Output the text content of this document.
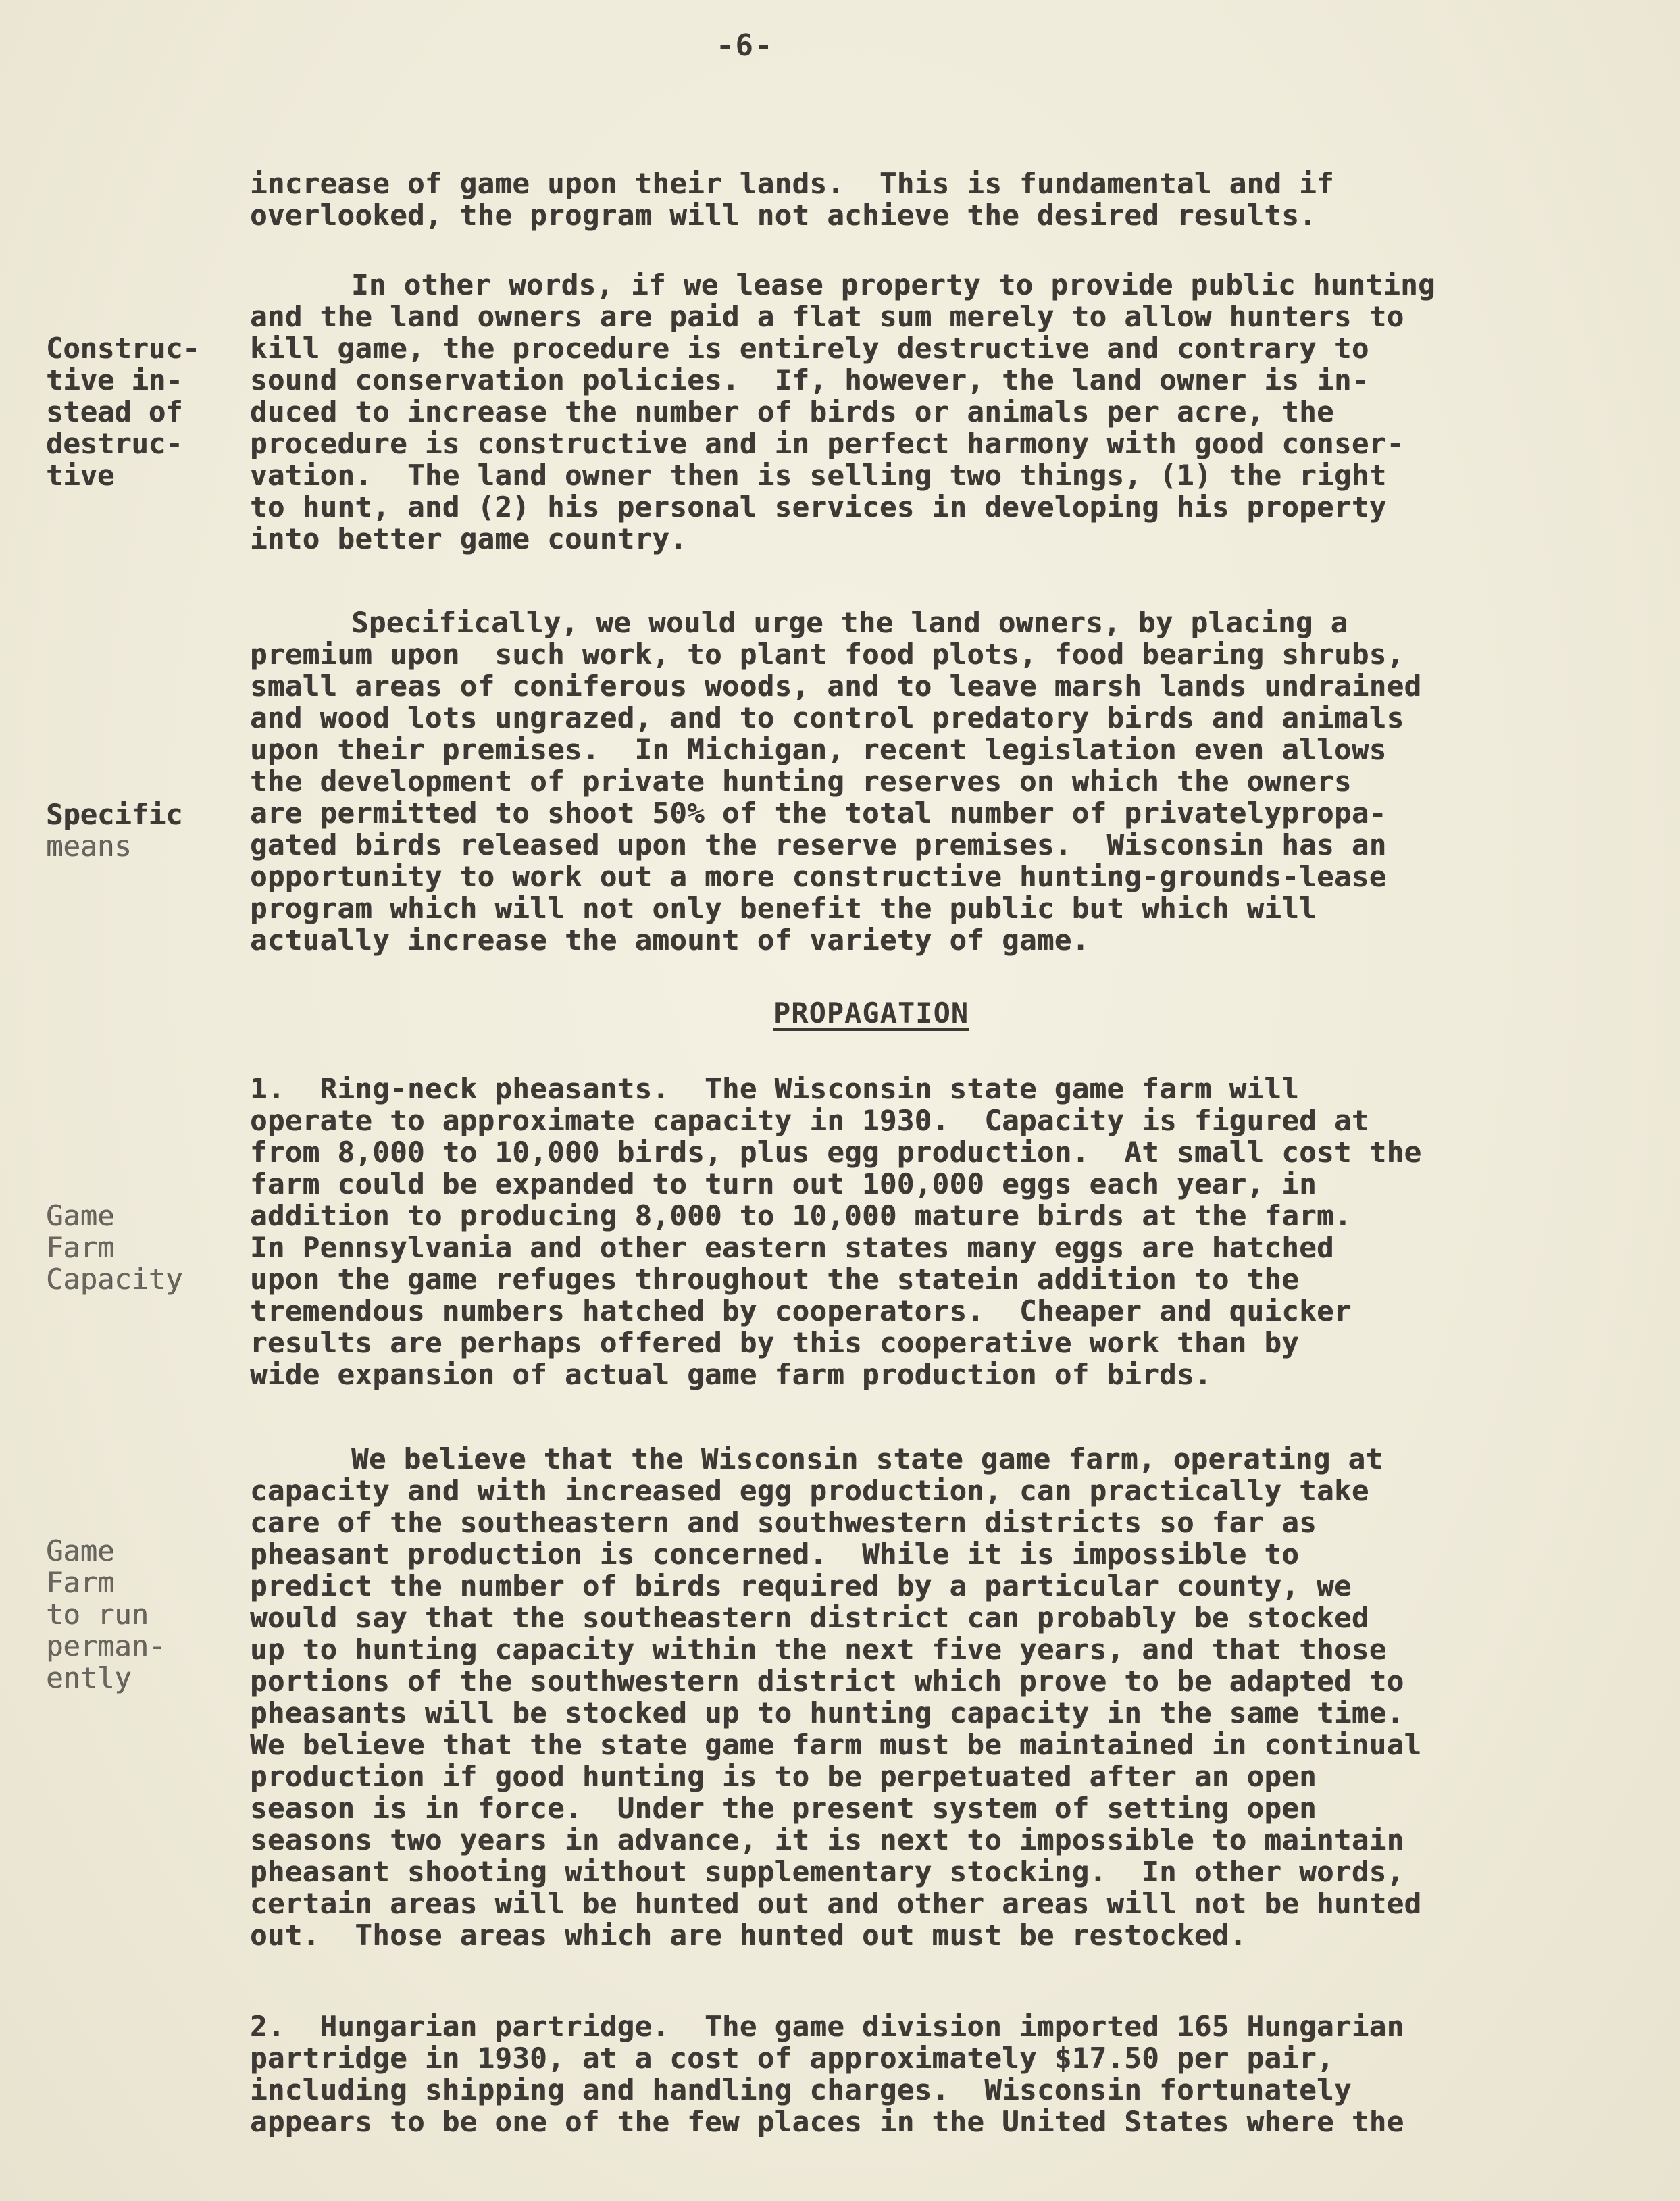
-6-
increase of game upon their lands.  This is fundamental and if
overlooked, the program will not achieve the desired results.
In other words, if we lease property to provide public hunting
and the land owners are paid a flat sum merely to allow hunters to
kill game, the procedure is entirely destructive and contrary to
sound conservation policies.  If, however, the land owner is in-
duced to increase the number of birds or animals per acre, the
procedure is constructive and in perfect harmony with good conser-
vation.  The land owner then is selling two things, (1) the right
to hunt, and (2) his personal services in developing his property
into better game country.
Construc-
tive in-
stead of
destruc-
tive
Specifically, we would urge the land owners, by placing a
premium upon  such work, to plant food plots, food bearing shrubs,
small areas of coniferous woods, and to leave marsh lands undrained
and wood lots ungrazed, and to control predatory birds and animals
upon their premises.  In Michigan, recent legislation even allows
the development of private hunting reserves on which the owners
are permitted to shoot 50% of the total number of privatelypropa-
gated birds released upon the reserve premises.  Wisconsin has an
opportunity to work out a more constructive hunting-grounds-lease
program which will not only benefit the public but which will
actually increase the amount of variety of game.
Specific
means
PROPAGATION
1.  Ring-neck pheasants.  The Wisconsin state game farm will
operate to approximate capacity in 1930.  Capacity is figured at
from 8,000 to 10,000 birds, plus egg production.  At small cost the
farm could be expanded to turn out 100,000 eggs each year, in
addition to producing 8,000 to 10,000 mature birds at the farm.
In Pennsylvania and other eastern states many eggs are hatched
upon the game refuges throughout the statein addition to the
tremendous numbers hatched by cooperators.  Cheaper and quicker
results are perhaps offered by this cooperative work than by
wide expansion of actual game farm production of birds.
Game
Farm
Capacity
We believe that the Wisconsin state game farm, operating at
capacity and with increased egg production, can practically take
care of the southeastern and southwestern districts so far as
pheasant production is concerned.  While it is impossible to
predict the number of birds required by a particular county, we
would say that the southeastern district can probably be stocked
up to hunting capacity within the next five years, and that those
portions of the southwestern district which prove to be adapted to
pheasants will be stocked up to hunting capacity in the same time.
We believe that the state game farm must be maintained in continual
production if good hunting is to be perpetuated after an open
season is in force.  Under the present system of setting open
seasons two years in advance, it is next to impossible to maintain
pheasant shooting without supplementary stocking.  In other words,
certain areas will be hunted out and other areas will not be hunted
out.  Those areas which are hunted out must be restocked.
Game
Farm
to run
perman-
ently
2.  Hungarian partridge.  The game division imported 165 Hungarian
partridge in 1930, at a cost of approximately $17.50 per pair,
including shipping and handling charges.  Wisconsin fortunately
appears to be one of the few places in the United States where the
